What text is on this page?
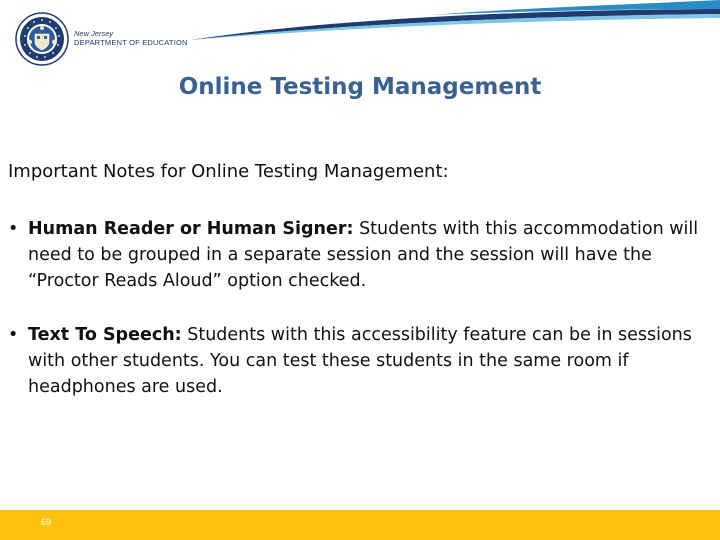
New Jersey
DEPARTMENT OF EDUCATION
Online Testing Management
Important Notes for Online Testing Management:
• Human Reader or Human Signer: Students with this accommodation will need to be grouped in a separate session and the session will have the “Proctor Reads Aloud” option checked.
• Text To Speech: Students with this accessibility feature can be in sessions with other students. You can test these students in the same room if headphones are used.
69
